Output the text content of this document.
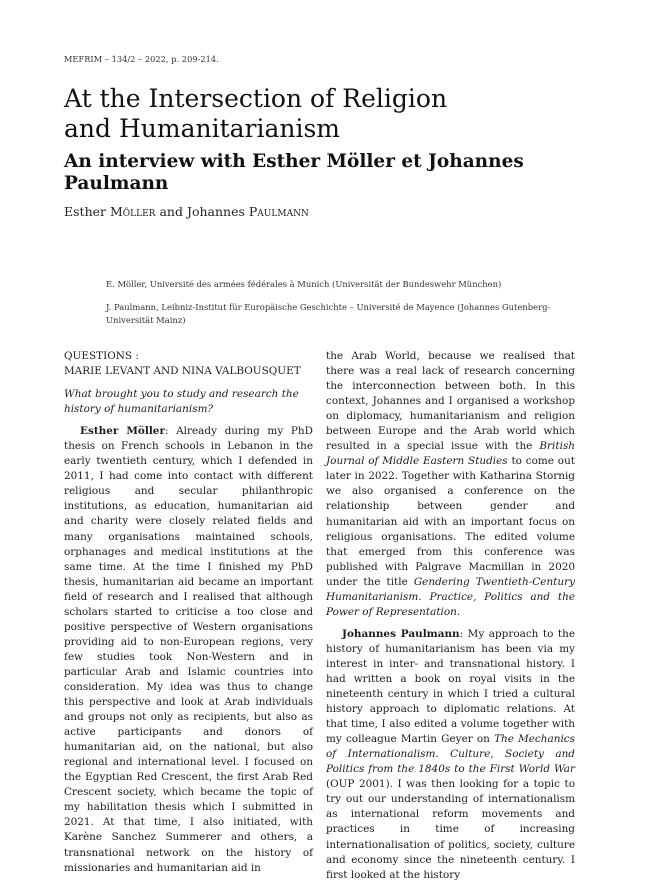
MEFRIM – 134/2 – 2022, p. 209-214.
At the Intersection of Religion
and Humanitarianism
An interview with Esther Möller et Johannes Paulmann
Esther Möller and Johannes Paulmann

E. Möller, Université des armées fédérales à Munich (Universität der Bundeswehr München)

J. Paulmann, Leibniz-Institut für Europäische Geschichte – Université de Mayence (Johannes Gutenberg-Universität Mainz)

QUESTIONS :

MARIE LEVANT AND NINA VALBOUSQUET

What brought you to study and research the history of humanitarianism?

Esther Möller: Already during my PhD thesis on French schools in Lebanon in the early twentieth century, which I defended in 2011, I had come into contact with different religious and secular philanthropic institutions, as education, humanitarian aid and charity were closely related fields and many organisations maintained schools, orphanages and medical institutions at the same time. At the time I finished my PhD thesis, humanitarian aid became an important field of research and I realised that although scholars started to criticise a too close and positive perspective of Western organisations providing aid to non-European regions, very few studies took Non-Western and in particular Arab and Islamic countries into consideration. My idea was thus to change this perspective and look at Arab individuals and groups not only as recipients, but also as active participants and donors of humanitarian aid, on the national, but also regional and international level. I focused on the Egyptian Red Crescent, the first Arab Red Crescent society, which became the topic of my habilitation thesis which I submitted in 2021. At that time, I also initiated, with Karène Sanchez Summerer and others, a transnational network on the history of missionaries and humanitarian aid in

the Arab World, because we realised that there was a real lack of research concerning the interconnection between both. In this context, Johannes and I organised a workshop on diplomacy, humanitarianism and religion between Europe and the Arab world which resulted in a special issue with the British Journal of Middle Eastern Studies to come out later in 2022. Together with Katharina Stornig we also organised a conference on the relationship between gender and humanitarian aid with an important focus on religious organisations. The edited volume that emerged from this conference was published with Palgrave Macmillan in 2020 under the title Gendering Twentieth-Century Humanitarianism. Practice, Politics and the Power of Representation.

Johannes Paulmann: My approach to the history of humanitarianism has been via my interest in inter- and transnational history. I had written a book on royal visits in the nineteenth century in which I tried a cultural history approach to diplomatic relations. At that time, I also edited a volume together with my colleague Martin Geyer on The Mechanics of Internationalism. Culture, Society and Politics from the 1840s to the First World War (OUP 2001). I was then looking for a topic to try out our understanding of internationalism as international reform movements and practices in time of increasing internationalisation of politics, society, culture and economy since the nineteenth century. I first looked at the history
